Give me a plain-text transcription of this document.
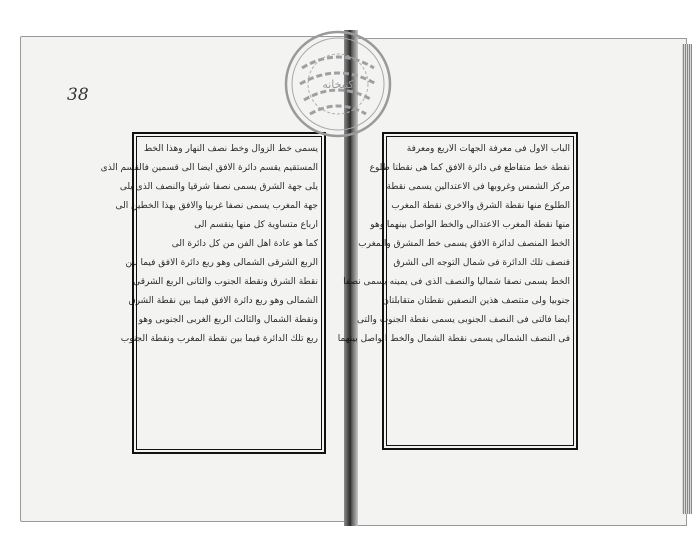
38
يسمى خط الزوال وخط نصف النهار وهذا الخط
المستقيم يقسم دائرة الافق ايضا الى قسمين فالقسم الذى
يلى جهة الشرق يسمى نصفا شرقيا والنصف الذى يلى
جهة المغرب يسمى نصفا غربيا والافق بهذا الخطين الى
ارباع متساوية كل منها ينقسم الى
كما هو عادة اهل الفن من كل دائرة الى
الربع الشرقى الشمالى وهو ربع دائرة الافق فيما بين
نقطة الشرق ونقطة الجنوب والثانى الربع الشرقى
الشمالى وهو ربع دائرة الافق فيما بين نقطة الشرق
ونقطة الشمال والثالث الربع الغربى الجنوبى وهو
ربع تلك الدائرة فيما بين نقطة المغرب ونقطة الجنوب
الباب الاول فى معرفة الجهات الاربع ومعرفة
نقطة خط متقاطع فى دائرة الافق كما هى نقطتا طلوع
مركز الشمس وغروبها فى الاعتدالين يسمى نقطة
الطلوع منها نقطة الشرق والاخرى نقطة المغرب
منها نقطة المغرب الاعتدالى والخط الواصل بينهما وهو
الخط المنصف لدائرة الافق يسمى خط المشرق والمغرب
فنصف تلك الدائرة فى شمال التوجه الى الشرق
الخط يسمى نصفا شماليا والنصف الذى فى يمينه يسمى نصفا
جنوبيا ولى منتصف هذين النصفين نقطتان متقابلتان
ايضا فالتى فى النصف الجنوبى يسمى نقطة الجنوب والتى
فى النصف الشمالى يسمى نقطة الشمال والخط الواصل بينهما
كتبخانه
